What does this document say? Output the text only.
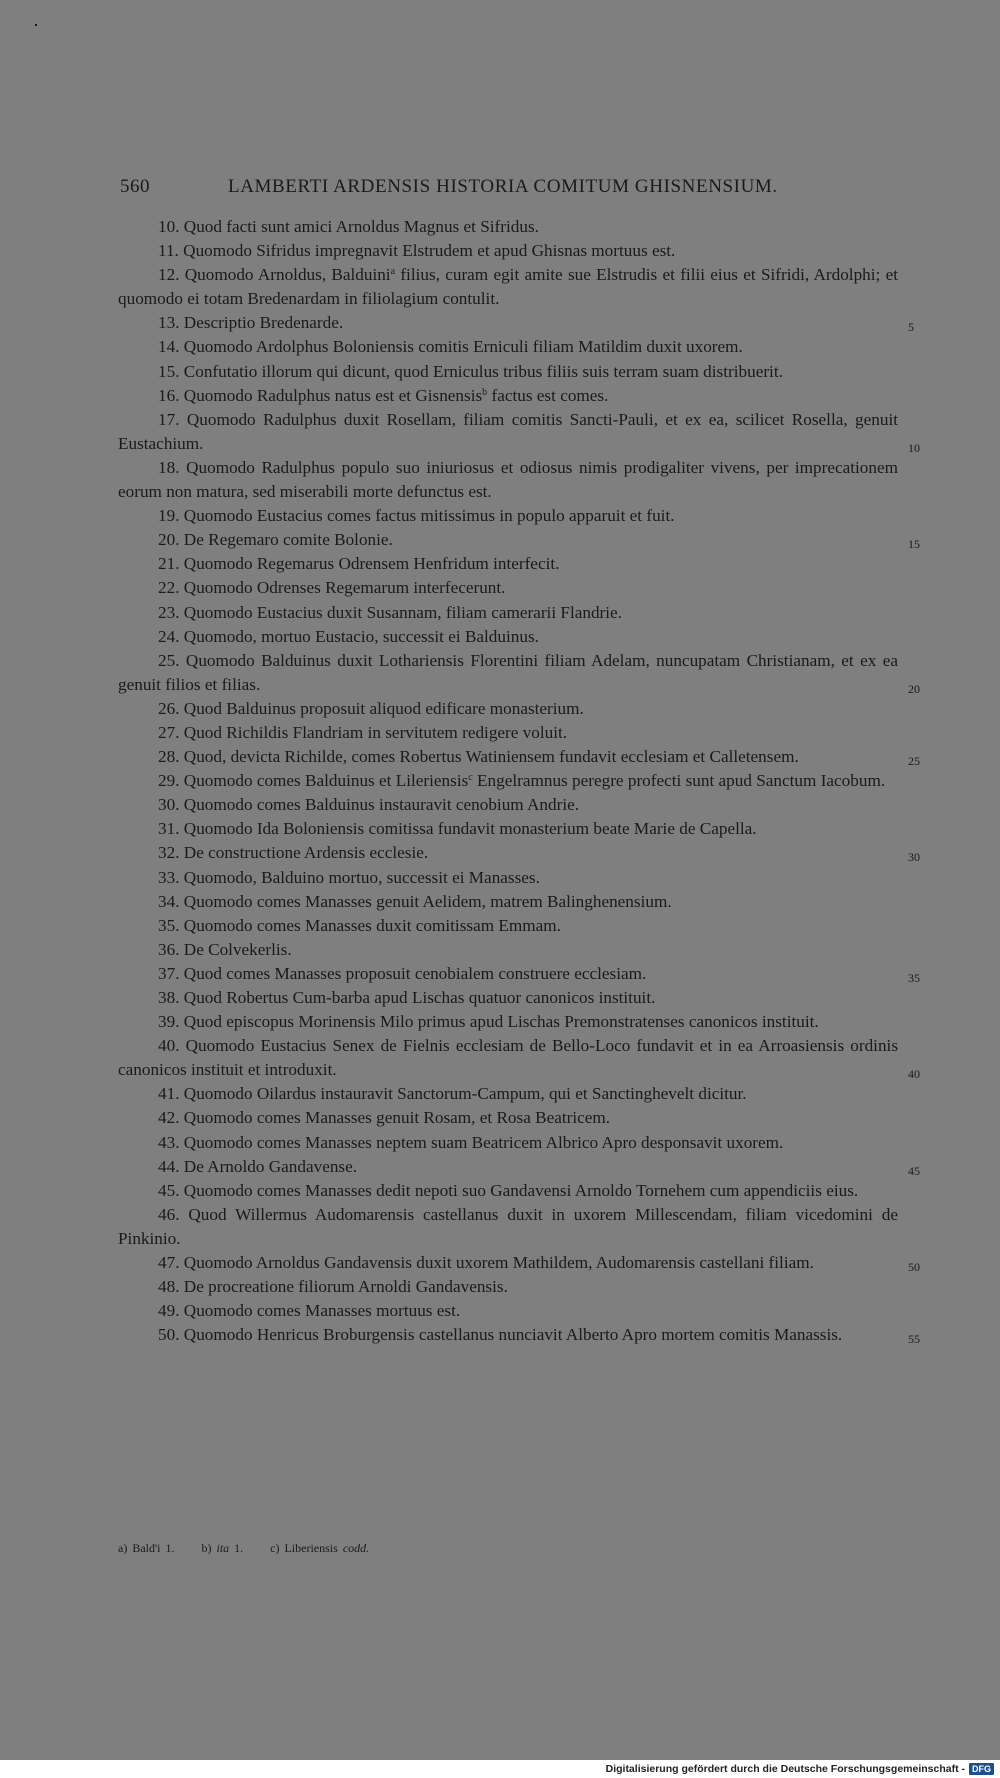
560	LAMBERTI ARDENSIS HISTORIA COMITUM GHISNENSIUM.
10. Quod facti sunt amici Arnoldus Magnus et Sifridus.
11. Quomodo Sifridus impregnavit Elstrudem et apud Ghisnas mortuus est.
12. Quomodo Arnoldus, Balduini$^a$ filius, curam egit amite sue Elstrudis et filii eius et Sifridi, Ardolphi; et quomodo ei totam Bredenardam in filiolagium contulit.
13. Descriptio Bredenarde.	5
14. Quomodo Ardolphus Boloniensis comitis Erniculi filiam Matildim duxit uxorem.
15. Confutatio illorum qui dicunt, quod Erniculus tribus filiis suis terram suam distribuerit.
16. Quomodo Radulphus natus est et Gisnensis$^b$ factus est comes.
17. Quomodo Radulphus duxit Rosellam, filiam comitis Sancti-Pauli, et ex ea, scilicet Rosella, genuit Eustachium.	10
18. Quomodo Radulphus populo suo iniuriosus et odiosus nimis prodigaliter vivens, per imprecationem eorum non matura, sed miserabili morte defunctus est.
19. Quomodo Eustacius comes factus mitissimus in populo apparuit et fuit.
20. De Regemaro comite Bolonie.	15
21. Quomodo Regemarus Odrensem Henfridum interfecit.
22. Quomodo Odrenses Regemarum interfecerunt.
23. Quomodo Eustacius duxit Susannam, filiam camerarii Flandrie.
24. Quomodo, mortuo Eustacio, successit ei Balduinus.
25. Quomodo Balduinus duxit Lothariensis Florentini filiam Adelam, nuncupatam Christianam, et ex ea genuit filios et filias.	20
26. Quod Balduinus proposuit aliquod edificare monasterium.
27. Quod Richildis Flandriam in servitutem redigere voluit.
28. Quod, devicta Richilde, comes Robertus Watiniensem fundavit ecclesiam et Calletensem.	25
29. Quomodo comes Balduinus et Lileriensis$^c$ Engelramnus peregre profecti sunt apud Sanctum Iacobum.
30. Quomodo comes Balduinus instauravit cenobium Andrie.
31. Quomodo Ida Boloniensis comitissa fundavit monasterium beate Marie de Capella.
32. De constructione Ardensis ecclesie.	30
33. Quomodo, Balduino mortuo, successit ei Manasses.
34. Quomodo comes Manasses genuit Aelidem, matrem Balinghenensium.
35. Quomodo comes Manasses duxit comitissam Emmam.
36. De Colvekerlis.
37. Quod comes Manasses proposuit cenobialem construere ecclesiam.	35
38. Quod Robertus Cum-barba apud Lischas quatuor canonicos instituit.
39. Quod episcopus Morinensis Milo primus apud Lischas Premonstratenses canonicos instituit.
40. Quomodo Eustacius Senex de Fielnis ecclesiam de Bello-Loco fundavit et in ea Arroasiensis ordinis canonicos instituit et introduxit.	40
41. Quomodo Oilardus instauravit Sanctorum-Campum, qui et Sanctinghevelt dicitur.
42. Quomodo comes Manasses genuit Rosam, et Rosa Beatricem.
43. Quomodo comes Manasses neptem suam Beatricem Albrico Apro desponsavit uxorem.
44. De Arnoldo Gandavense.	45
45. Quomodo comes Manasses dedit nepoti suo Gandavensi Arnoldo Tornehem cum appendiciis eius.
46. Quod Willermus Audomarensis castellanus duxit in uxorem Millescendam, filiam vicedomini de Pinkinio.
47. Quomodo Arnoldus Gandavensis duxit uxorem Mathildem, Audomarensis castellani filiam.	50
48. De procreatione filiorum Arnoldi Gandavensis.
49. Quomodo comes Manasses mortuus est.
50. Quomodo Henricus Broburgensis castellanus nunciavit Alberto Apro mortem comitis Manassis.	55
a) Bald'i 1. b) ita 1. c) Liberiensis codd.
Digitalisierung gefördert durch die Deutsche Forschungsgemeinschaft - DFG
